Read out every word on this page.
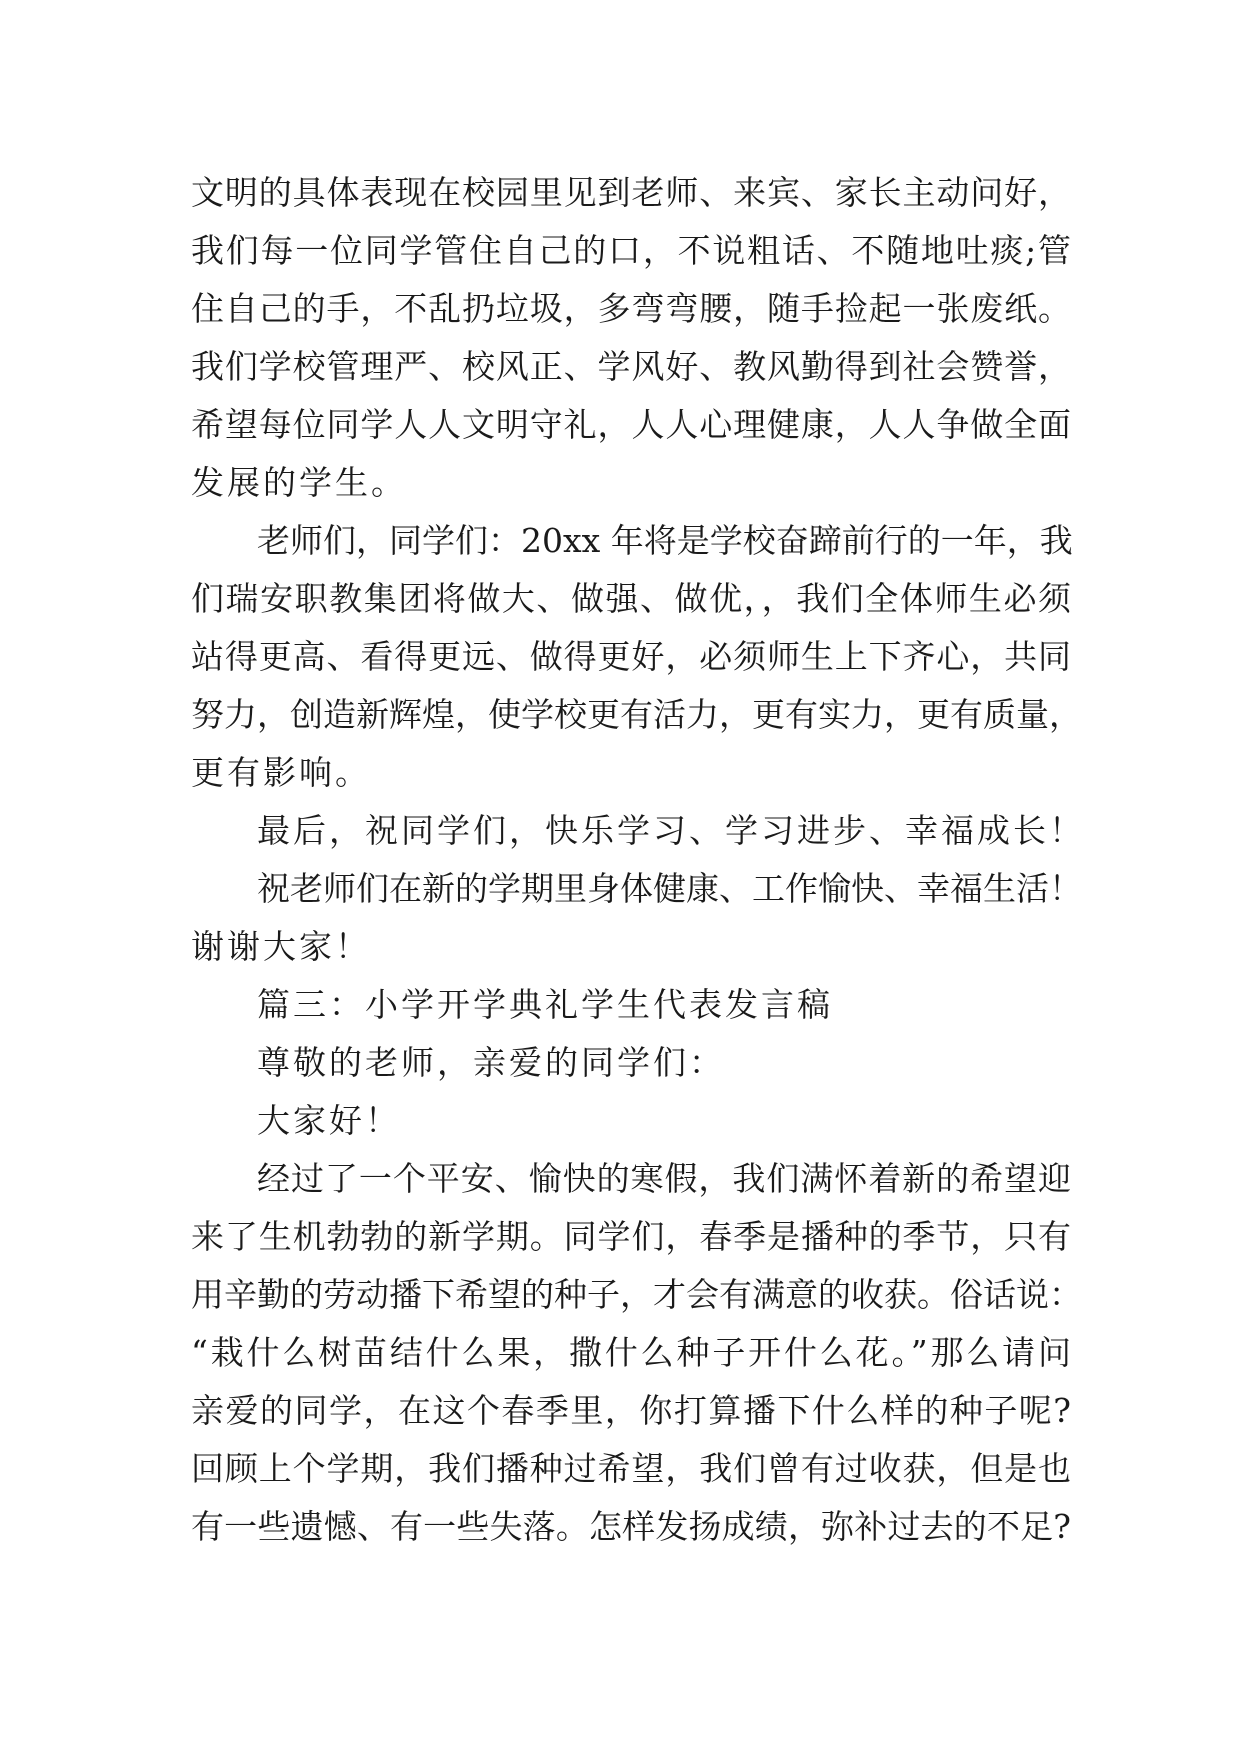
文明的具体表现在校园里见到老师、来宾、家长主动问好，
我们每一位同学管住自己的口，不说粗话、不随地吐痰;管
住自己的手，不乱扔垃圾，多弯弯腰，随手捡起一张废纸。
我们学校管理严、校风正、学风好、教风勤得到社会赞誉，
希望每位同学人人文明守礼，人人心理健康，人人争做全面
发展的学生。
老师们，同学们：20xx 年将是学校奋蹄前行的一年，我
们瑞安职教集团将做大、做强、做优，，我们全体师生必须
站得更高、看得更远、做得更好，必须师生上下齐心，共同
努力，创造新辉煌，使学校更有活力，更有实力，更有质量，
更有影响。
最后，祝同学们，快乐学习、学习进步、幸福成长！
祝老师们在新的学期里身体健康、工作愉快、幸福生活！
谢谢大家！
篇三：小学开学典礼学生代表发言稿
尊敬的老师，亲爱的同学们：
大家好！
经过了一个平安、愉快的寒假，我们满怀着新的希望迎
来了生机勃勃的新学期。同学们，春季是播种的季节，只有
用辛勤的劳动播下希望的种子，才会有满意的收获。俗话说：
“栽什么树苗结什么果，撒什么种子开什么花。”那么请问
亲爱的同学，在这个春季里，你打算播下什么样的种子呢?
回顾上个学期，我们播种过希望，我们曾有过收获，但是也
有一些遗憾、有一些失落。怎样发扬成绩，弥补过去的不足?
